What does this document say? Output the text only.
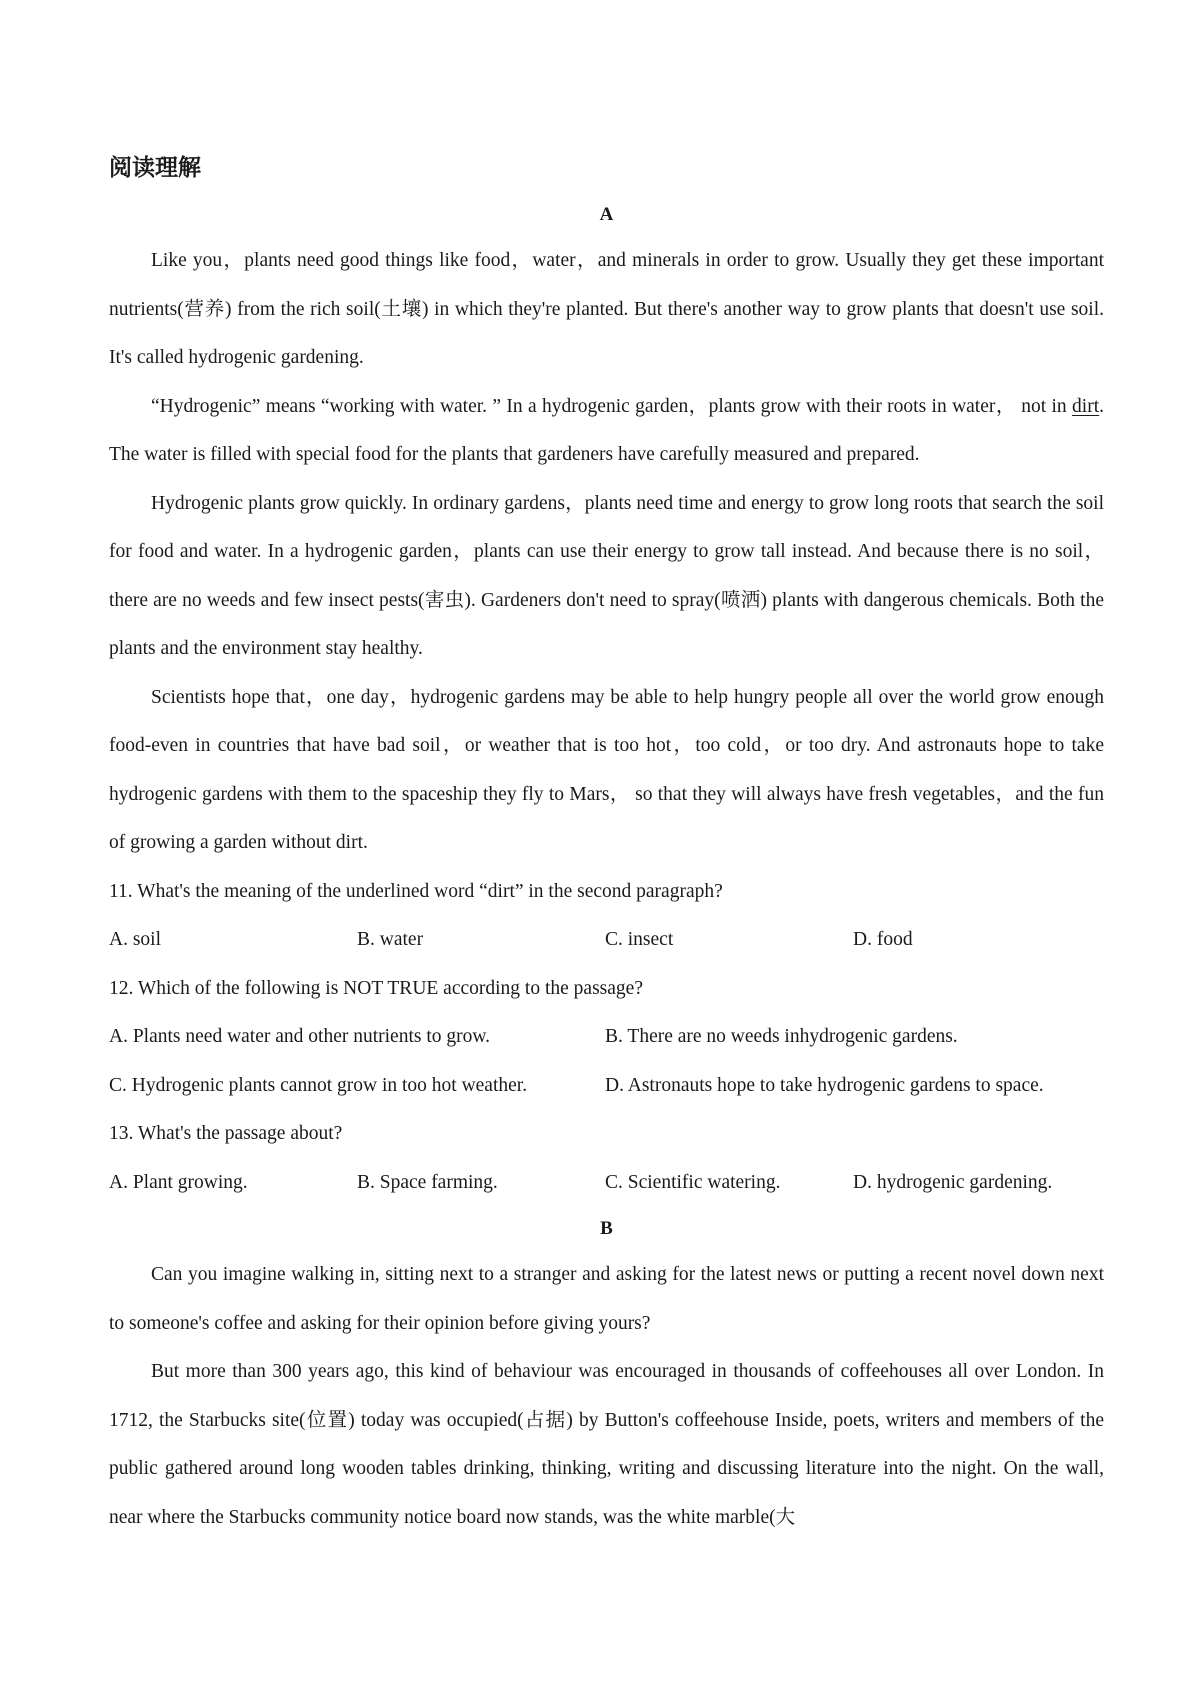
阅读理解
A

Like you，plants need good things like food，water，and minerals in order to grow. Usually they get these important nutrients(营养) from the rich soil(土壤) in which they're planted. But there's another way to grow plants that doesn't use soil. It's called hydrogenic gardening.

“Hydrogenic” means “working with water. ” In a hydrogenic garden，plants grow with their roots in water， not in dirt. The water is filled with special food for the plants that gardeners have carefully measured and prepared.

Hydrogenic plants grow quickly. In ordinary gardens，plants need time and energy to grow long roots that search the soil for food and water. In a hydrogenic garden，plants can use their energy to grow tall instead. And because there is no soil， there are no weeds and few insect pests(害虫). Gardeners don't need to spray(喷洒) plants with dangerous chemicals. Both the plants and the environment stay healthy.

Scientists hope that，one day，hydrogenic gardens may be able to help hungry people all over the world grow enough food-even in countries that have bad soil，or weather that is too hot，too cold，or too dry. And astronauts hope to take hydrogenic gardens with them to the spaceship they fly to Mars， so that they will always have fresh vegetables，and the fun of growing a garden without dirt.

11. What's the meaning of the underlined word “dirt” in the second paragraph?
A. soil	B. water	C. insect	D. food
12. Which of the following is NOT TRUE according to the passage?
A. Plants need water and other nutrients to grow.	B. There are no weeds inhydrogenic gardens.
C. Hydrogenic plants cannot grow in too hot weather.	D. Astronauts hope to take hydrogenic gardens to space.
13. What's the passage about?
A. Plant growing.	B. Space farming.	C. Scientific watering.	D. hydrogenic gardening.
B

Can you imagine walking in, sitting next to a stranger and asking for the latest news or putting a recent novel down next to someone's coffee and asking for their opinion before giving yours?

But more than 300 years ago, this kind of behaviour was encouraged in thousands of coffeehouses all over London. In 1712, the Starbucks site(位置) today was occupied(占据) by Button's coffeehouse Inside, poets, writers and members of the public gathered around long wooden tables drinking, thinking, writing and discussing literature into the night. On the wall, near where the Starbucks community notice board now stands, was the white marble(大
